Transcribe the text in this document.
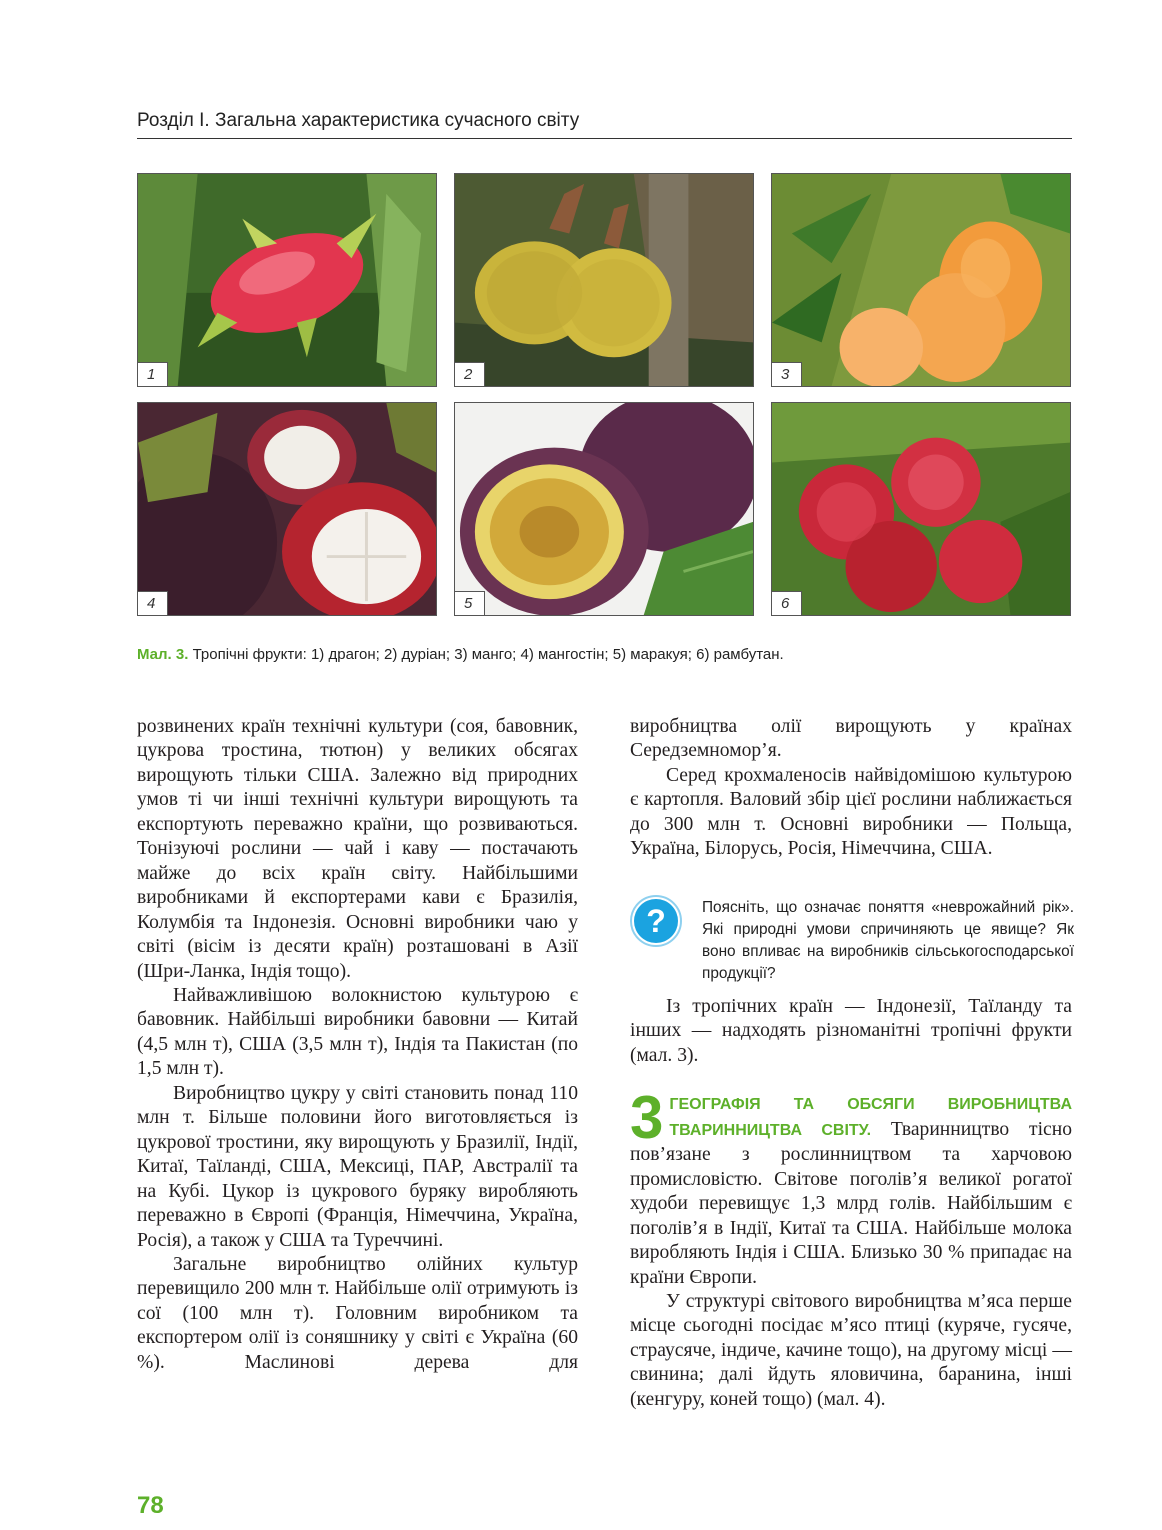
Розділ І. Загальна характеристика сучасного світу
1	2	3
4	5	6
Мал. 3. Тропічні фрукти: 1) драгон; 2) дуріан; 3) манго; 4) мангостін; 5) маракуя; 6) рамбутан.

розвинених країн технічні культури (соя, бавовник, цукрова тростина, тютюн) у великих обсягах вирощують тільки США. Залежно від природних умов ті чи інші технічні культури вирощують та експортують переважно країни, що розвиваються. Тонізуючі рослини — чай і каву — постачають майже до всіх країн світу. Найбільшими виробниками й експортерами кави є Бразилія, Колумбія та Індонезія. Основні виробники чаю у світі (вісім із десяти країн) розташовані в Азії (Шри-Ланка, Індія тощо).

Найважливішою волокнистою культурою є бавовник. Найбільші виробники бавовни — Китай (4,5 млн т), США (3,5 млн т), Індія та Пакистан (по 1,5 млн т).

Виробництво цукру у світі становить понад 110 млн т. Більше половини його виготовляється із цукрової тростини, яку вирощують у Бразилії, Індії, Китаї, Таїланді, США, Мексиці, ПАР, Австралії та на Кубі. Цукор із цукрового буряку виробляють переважно в Європі (Франція, Німеччина, Україна, Росія), а також у США та Туреччині.

Загальне виробництво олійних культур перевищило 200 млн т. Найбільше олії отримують із сої (100 млн т). Головним виробником та експортером олії із соняшнику у світі є Україна (60 %). Маслинові дерева для

виробництва олії вирощують у країнах Середземномор’я.

Серед крохмаленосів найвідомішою культурою є картопля. Валовий збір цієї рослини наближається до 300 млн т. Основні виробники — Польща, Україна, Білорусь, Росія, Німеччина, США.

? Поясніть, що означає поняття «неврожайний рік». Які природні умови спричиняють це явище? Як воно впливає на виробників сільськогосподарської продукції?

Із тропічних країн — Індонезії, Таїланду та інших — надходять різноманітні тропічні фрукти (мал. 3).

3 ГЕОГРАФІЯ ТА ОБСЯГИ ВИРОБНИЦТВА ТВАРИННИЦТВА СВІТУ. Тваринництво тісно пов’язане з рослинництвом та харчовою промисловістю. Світове поголів’я великої рогатої худоби перевищує 1,3 млрд голів. Найбільшим є поголів’я в Індії, Китаї та США. Найбільше молока виробляють Індія і США. Близько 30 % припадає на країни Європи.

У структурі світового виробництва м’яса перше місце сьогодні посідає м’ясо птиці (куряче, гусяче, страусяче, індиче, качине тощо), на другому місці — свинина; далі йдуть яловичина, баранина, інші (кенгуру, коней тощо) (мал. 4).

78
